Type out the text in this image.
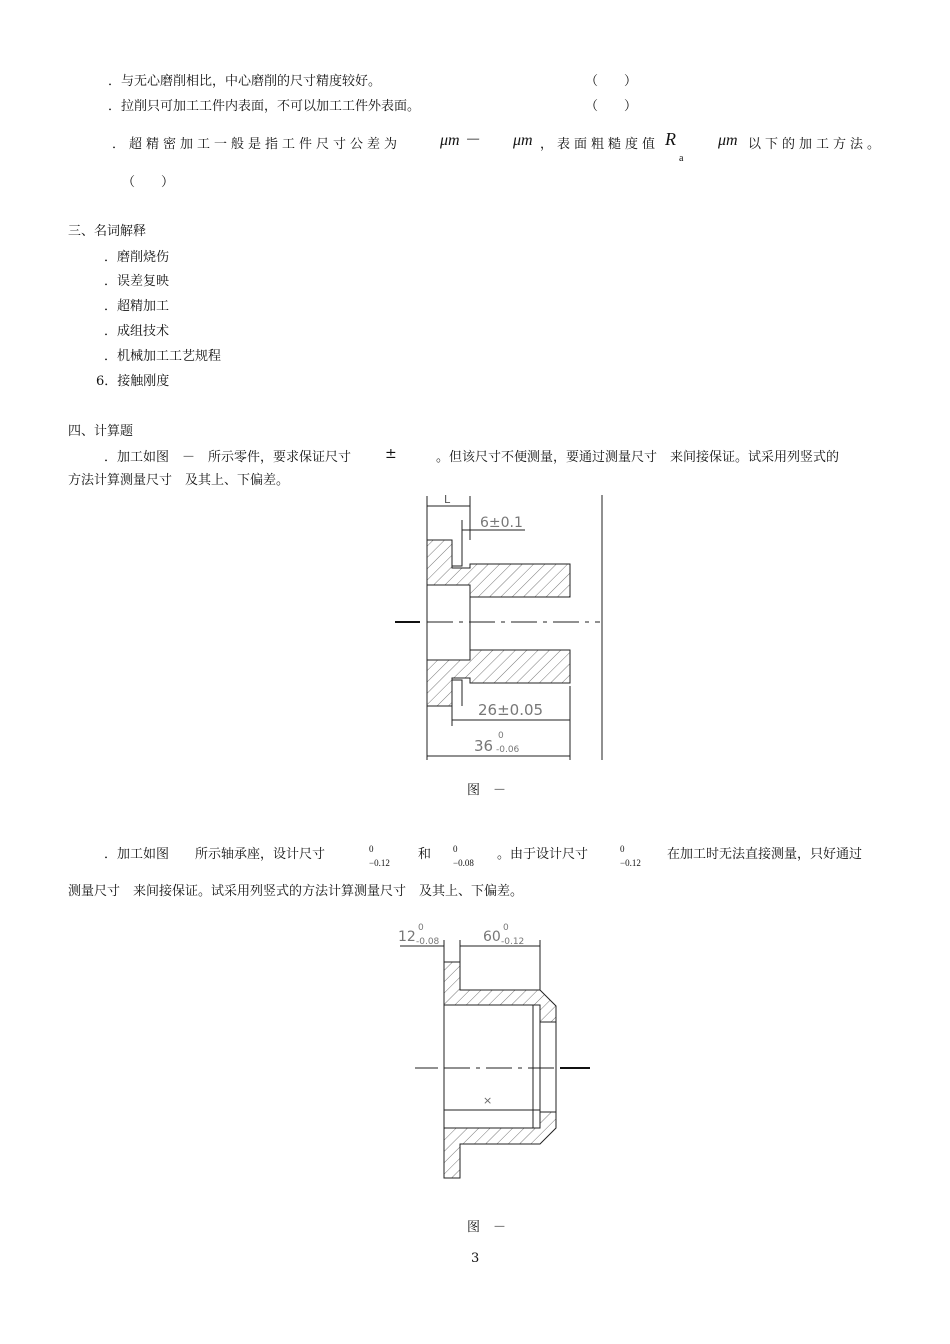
．与无心磨削相比，中心磨削的尺寸精度较好。	（　　）
．拉削只可加工工件内表面，不可以加工工件外表面。	（　　）
．超精密加工一般是指工件尺寸公差为 μm － μm ，表面粗糙度值 R
a
μm 以下的加工方法。
（　　）
三、名词解释
．磨削烧伤
．误差复映
．超精加工
．成组技术
．机械加工工艺规程
6．接触刚度
四、计算题
．加工如图　－　所示零件，要求保证尺寸 ±	。但该尺寸不便测量，要通过测量尺寸　来间接保证。试采用列竖式的
方法计算测量尺寸　及其上、下偏差。
L
6±0.1
26±0.05
36
0
-0.06
图　－
．加工如图　　所示轴承座，设计尺寸	0
−0.12
和 0
−0.08
。由于设计尺寸	0
−0.12
在加工时无法直接测量，只好通过
测量尺寸　来间接保证。试采用列竖式的方法计算测量尺寸　及其上、下偏差。
×
12
0
-0.08	60
0
-0.12
图　－
3
